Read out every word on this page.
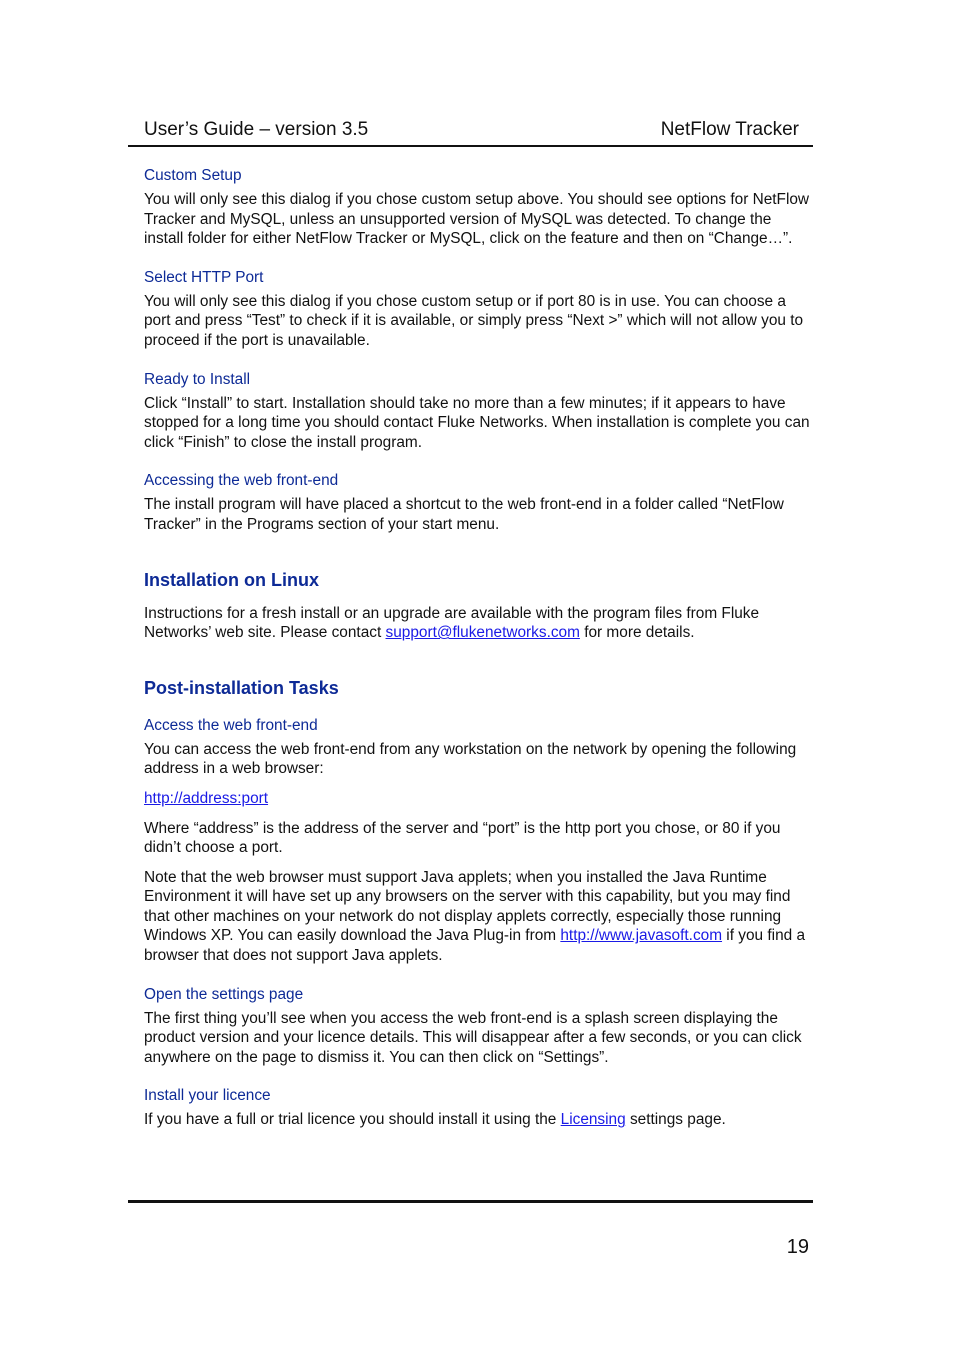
User’s Guide – version 3.5	NetFlow Tracker
Custom Setup

You will only see this dialog if you chose custom setup above. You should see options for NetFlow Tracker and MySQL, unless an unsupported version of MySQL was detected. To change the install folder for either NetFlow Tracker or MySQL, click on the feature and then on “Change…”.

Select HTTP Port

You will only see this dialog if you chose custom setup or if port 80 is in use. You can choose a port and press “Test” to check if it is available, or simply press “Next >” which will not allow you to proceed if the port is unavailable.

Ready to Install

Click “Install” to start. Installation should take no more than a few minutes; if it appears to have stopped for a long time you should contact Fluke Networks. When installation is complete you can click “Finish” to close the install program.

Accessing the web front-end

The install program will have placed a shortcut to the web front-end in a folder called “NetFlow Tracker” in the Programs section of your start menu.

Installation on Linux

Instructions for a fresh install or an upgrade are available with the program files from Fluke Networks’ web site. Please contact support@flukenetworks.com for more details.

Post-installation Tasks
Access the web front-end

You can access the web front-end from any workstation on the network by opening the following address in a web browser:

http://address:port

Where “address” is the address of the server and “port” is the http port you chose, or 80 if you didn’t choose a port.

Note that the web browser must support Java applets; when you installed the Java Runtime Environment it will have set up any browsers on the server with this capability, but you may find that other machines on your network do not display applets correctly, especially those running Windows XP. You can easily download the Java Plug-in from http://www.javasoft.com if you find a browser that does not support Java applets.

Open the settings page

The first thing you’ll see when you access the web front-end is a splash screen displaying the product version and your licence details. This will disappear after a few seconds, or you can click anywhere on the page to dismiss it. You can then click on “Settings”.

Install your licence

If you have a full or trial licence you should install it using the Licensing settings page.

19
